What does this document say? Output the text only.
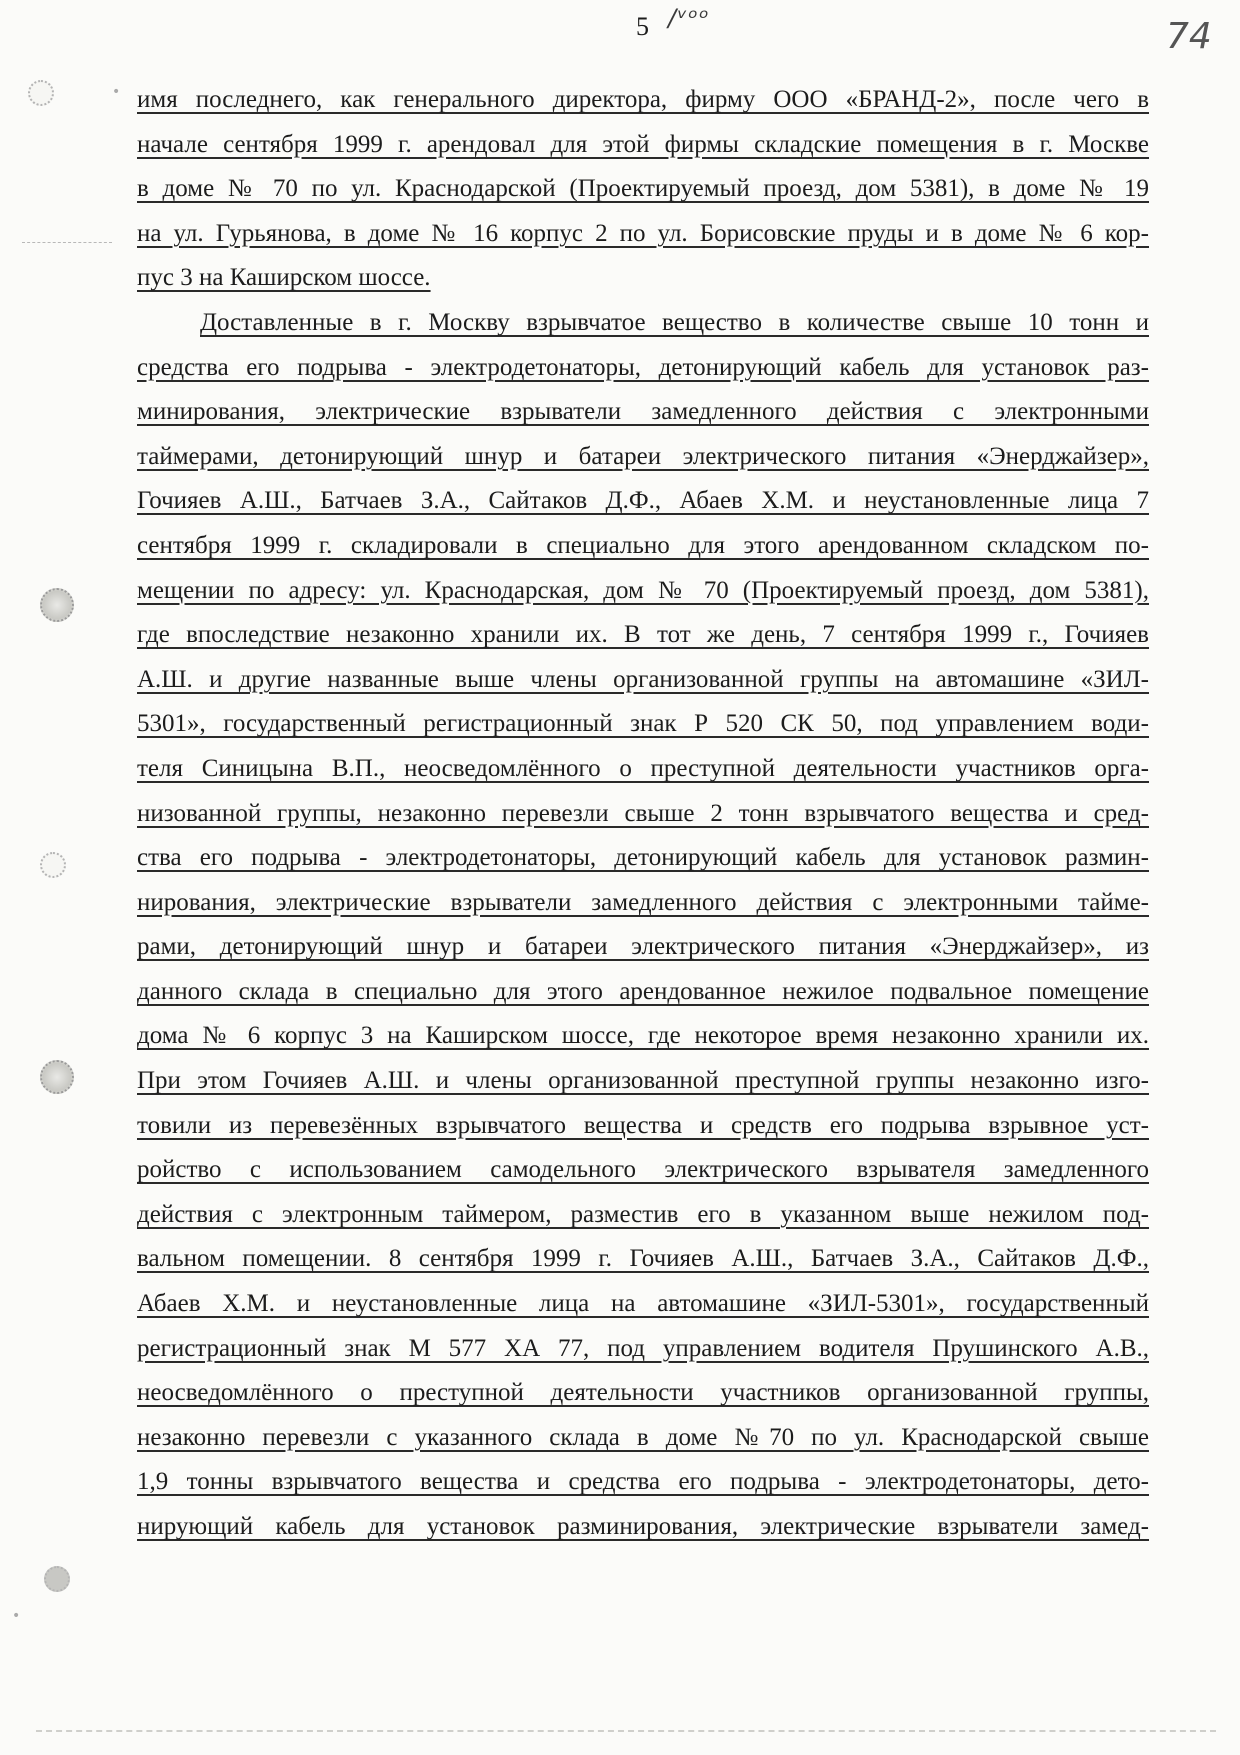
5 /ᵛᵒᵒ	74

•
•
имя последнего, как генерального директора, фирму ООО «БРАНД-2», после чего в
начале сентября 1999 г. арендовал для этой фирмы складские помещения в г. Москве
в доме № 70 по ул. Краснодарской (Проектируемый проезд, дом 5381), в доме № 19
на ул. Гурьянова, в доме № 16 корпус 2 по ул. Борисовские пруды и в доме № 6 кор-
пус 3 на Каширском шоссе.
Доставленные в г. Москву взрывчатое вещество в количестве свыше 10 тонн и
средства его подрыва - электродетонаторы, детонирующий кабель для установок раз-
минирования, электрические взрыватели замедленного действия с электронными
таймерами, детонирующий шнур и батареи электрического питания «Энерджайзер»,
Гочияев А.Ш., Батчаев З.А., Сайтаков Д.Ф., Абаев Х.М. и неустановленные лица 7
сентября 1999 г. складировали в специально для этого арендованном складском по-
мещении по адресу: ул. Краснодарская, дом № 70 (Проектируемый проезд, дом 5381),
где впоследствие незаконно хранили их. В тот же день, 7 сентября 1999 г., Гочияев
А.Ш. и другие названные выше члены организованной группы на автомашине «ЗИЛ-
5301», государственный регистрационный знак Р 520 СК 50, под управлением води-
теля Синицына В.П., неосведомлённого о преступной деятельности участников орга-
низованной группы, незаконно перевезли свыше 2 тонн взрывчатого вещества и сред-
ства его подрыва - электродетонаторы, детонирующий кабель для установок размин-
нирования, электрические взрыватели замедленного действия с электронными тайме-
рами, детонирующий шнур и батареи электрического питания «Энерджайзер», из
данного склада в специально для этого арендованное нежилое подвальное помещение
дома № 6 корпус 3 на Каширском шоссе, где некоторое время незаконно хранили их.
При этом Гочияев А.Ш. и члены организованной преступной группы незаконно изго-
товили из перевезённых взрывчатого вещества и средств его подрыва взрывное уст-
ройство с использованием самодельного электрического взрывателя замедленного
действия с электронным таймером, разместив его в указанном выше нежилом под-
вальном помещении. 8 сентября 1999 г. Гочияев А.Ш., Батчаев З.А., Сайтаков Д.Ф.,
Абаев Х.М. и неустановленные лица на автомашине «ЗИЛ-5301», государственный
регистрационный знак М 577 ХА 77, под управлением водителя Прушинского А.В.,
неосведомлённого о преступной деятельности участников организованной группы,
незаконно перевезли с указанного склада в доме №70 по ул. Краснодарской свыше
1,9 тонны взрывчатого вещества и средства его подрыва - электродетонаторы, дето-
нирующий кабель для установок разминирования, электрические взрыватели замед-
